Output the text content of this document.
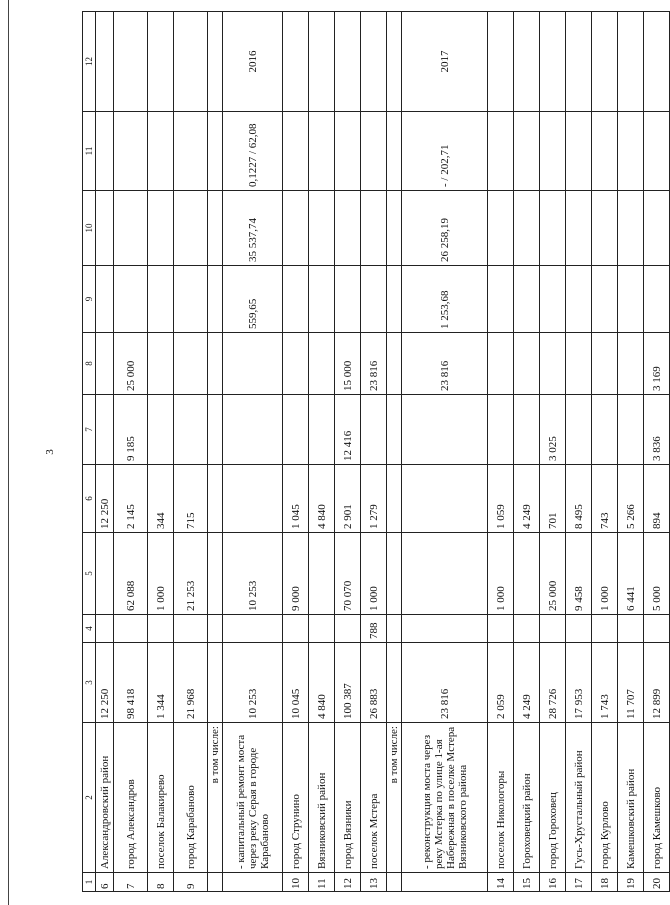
3
1	2	3	4	5	6	7	8	9	10	11	12
6	Александровский район	12 250			12 250						
7	город Александров	98 418		62 088	2 145	9 185	25 000				
8	поселок Балакирево	1 344		1 000	344						
9	город Карабаново	21 968		21 253	715						
	в том числе:										
	- капитальный ремонт моста через реку Серая в городе Карабаново	10 253		10 253				559,65	35 537,74	0,1227 / 62,08	2016
10	город Струнино	10 045		9 000	1 045						
11	Вязниковский район	4 840			4 840						
12	город Вязники	100 387		70 070	2 901	12 416	15 000				
13	поселок Мстера	26 883	788	1 000	1 279		23 816				
	в том числе:										
	- реконструкция моста через реку Мстерка по улице 1-ая Набережная в поселке Мстера Вязниковского района	23 816					23 816	1 253,68	26 258,19	- / 202,71	2017
14	поселок Никологоры	2 059		1 000	1 059						
15	Гороховецкий район	4 249			4 249						
16	город Гороховец	28 726		25 000	701	3 025					
17	Гусь-Хрустальный район	17 953		9 458	8 495						
18	город Курлово	1 743		1 000	743						
19	Камешковский район	11 707		6 441	5 266						
20	город Камешково	12 899		5 000	894	3 836	3 169				
